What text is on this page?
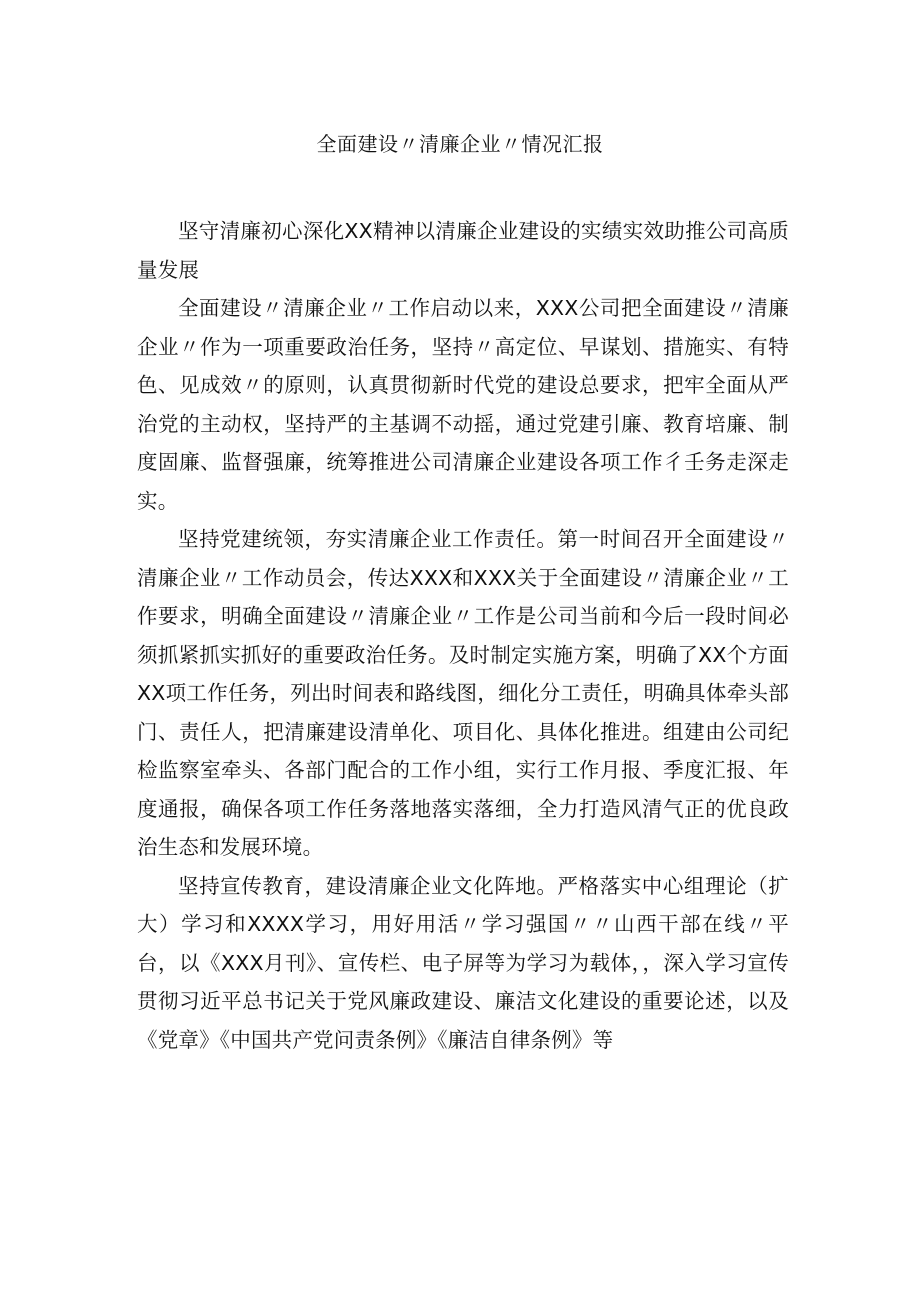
全面建设〃清廉企业〃情况汇报

坚守清廉初心深化XX精神以清廉企业建设的实绩实效助推公司高质量发展

全面建设〃清廉企业〃工作启动以来，XXX公司把全面建设〃清廉企业〃作为一项重要政治任务，坚持〃高定位、早谋划、措施实、有特色、见成效〃的原则，认真贯彻新时代党的建设总要求，把牢全面从严治党的主动权，坚持严的主基调不动摇，通过党建引廉、教育培廉、制度固廉、监督强廉，统筹推进公司清廉企业建设各项工作彳壬务走深走实。

坚持党建统领，夯实清廉企业工作责任。第一时间召开全面建设〃清廉企业〃工作动员会，传达XXX和XXX关于全面建设〃清廉企业〃工作要求，明确全面建设〃清廉企业〃工作是公司当前和今后一段时间必须抓紧抓实抓好的重要政治任务。及时制定实施方案，明确了XX个方面XX项工作任务，列出时间表和路线图，细化分工责任，明确具体牵头部门、责任人，把清廉建设清单化、项目化、具体化推进。组建由公司纪检监察室牵头、各部门配合的工作小组，实行工作月报、季度汇报、年度通报，确保各项工作任务落地落实落细，全力打造风清气正的优良政治生态和发展环境。

坚持宣传教育，建设清廉企业文化阵地。严格落实中心组理论（扩大）学习和XXXX学习，用好用活〃学习强国〃〃山西干部在线〃平台，以《XXX月刊》、宣传栏、电子屏等为学习为载体，，深入学习宣传贯彻习近平总书记关于党风廉政建设、廉洁文化建设的重要论述，以及《党章》《中国共产党问责条例》《廉洁自律条例》等
